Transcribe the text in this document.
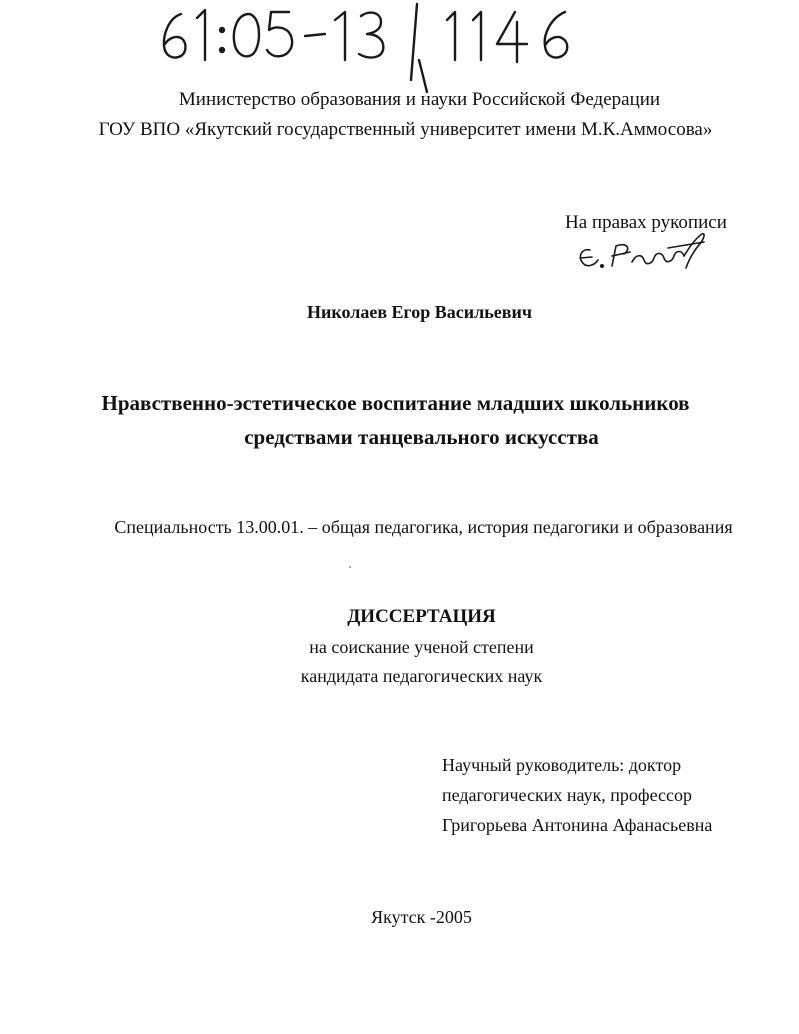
Министерство образования и науки Российской Федерации
ГОУ ВПО «Якутский государственный университет имени М.К.Аммосова»
На правах рукописи
Николаев Егор Васильевич
Нравственно-эстетическое воспитание младших школьников
средствами танцевального искусства
Специальность 13.00.01. – общая педагогика, история педагогики и образования
ДИССЕРТАЦИЯ
на соискание ученой степени
кандидата педагогических наук
Научный руководитель: доктор
педагогических наук, профессор
Григорьева Антонина Афанасьевна
Якутск -2005
